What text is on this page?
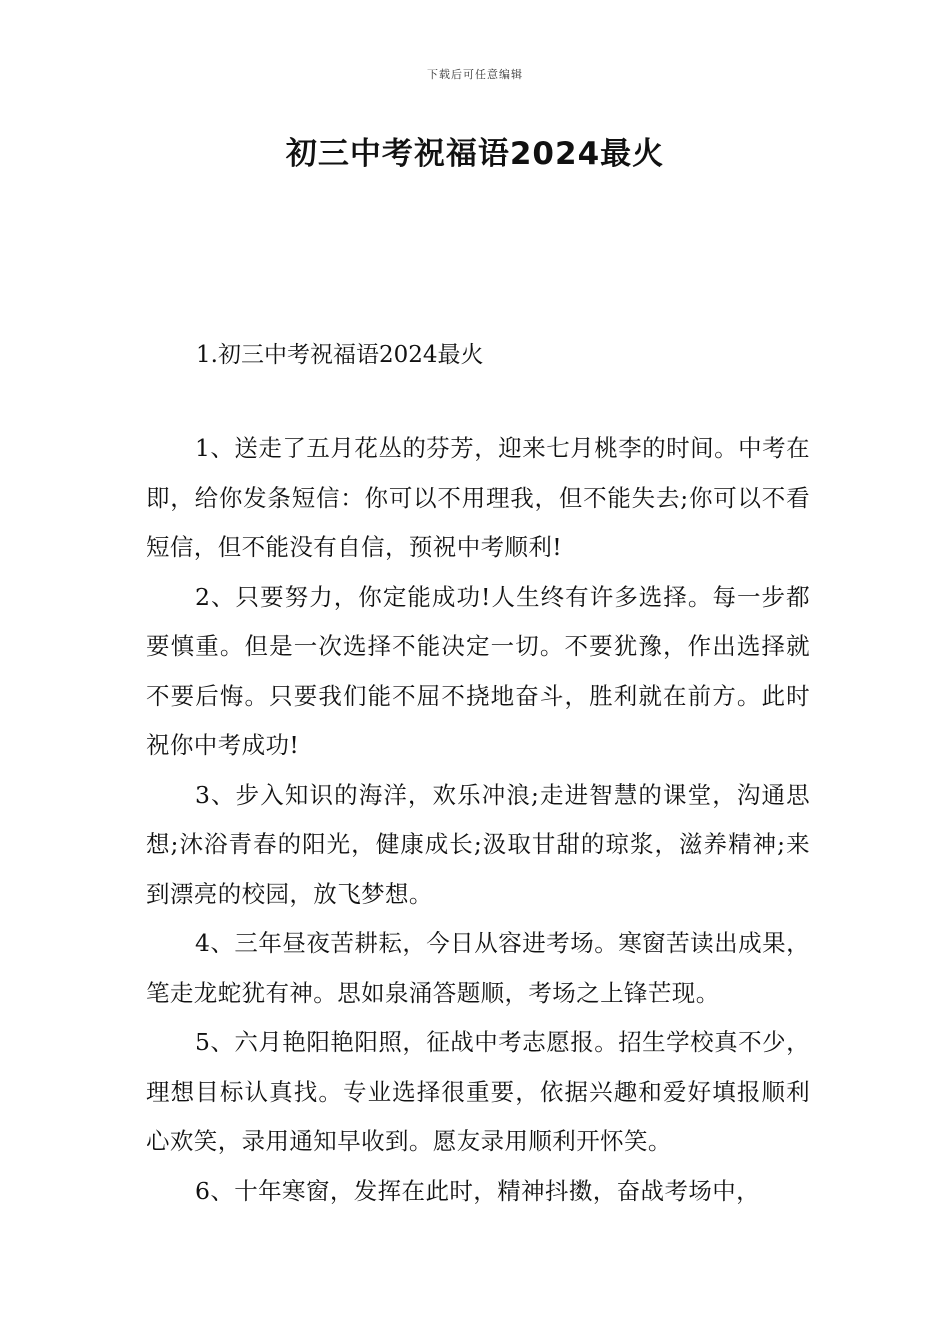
下载后可任意编辑
初三中考祝福语2024最火
1.初三中考祝福语2024最火

1、送走了五月花丛的芬芳，迎来七月桃李的时间。中考在即，给你发条短信：你可以不用理我，但不能失去;你可以不看短信，但不能没有自信，预祝中考顺利!

2、只要努力，你定能成功!人生终有许多选择。每一步都要慎重。但是一次选择不能决定一切。不要犹豫，作出选择就不要后悔。只要我们能不屈不挠地奋斗，胜利就在前方。此时祝你中考成功!

3、步入知识的海洋，欢乐冲浪;走进智慧的课堂，沟通思想;沐浴青春的阳光，健康成长;汲取甘甜的琼浆，滋养精神;来到漂亮的校园，放飞梦想。

4、三年昼夜苦耕耘，今日从容进考场。寒窗苦读出成果，笔走龙蛇犹有神。思如泉涌答题顺，考场之上锋芒现。

5、六月艳阳艳阳照，征战中考志愿报。招生学校真不少，理想目标认真找。专业选择很重要，依据兴趣和爱好填报顺利心欢笑，录用通知早收到。愿友录用顺利开怀笑。

6、十年寒窗，发挥在此时，精神抖擞，奋战考场中，
